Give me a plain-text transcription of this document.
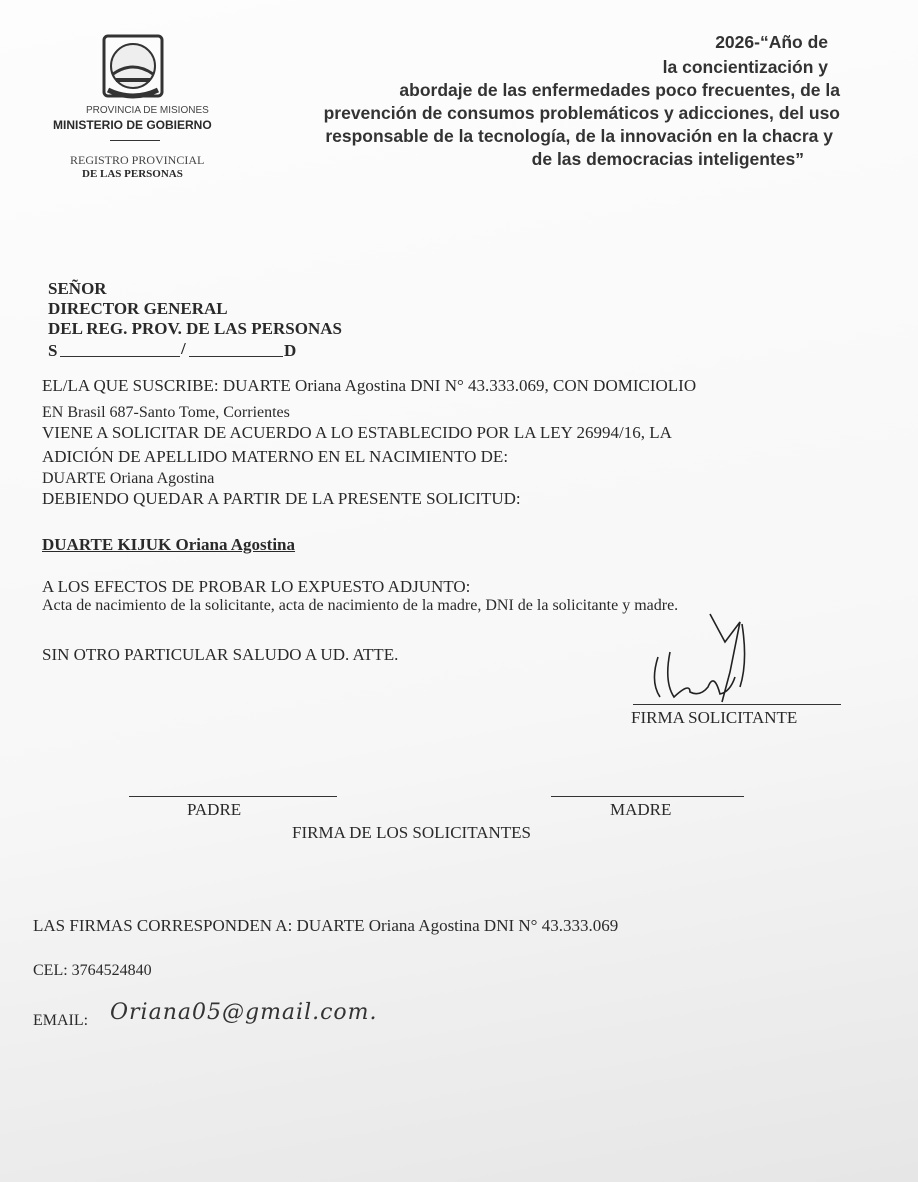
PROVINCIA DE MISIONES
MINISTERIO DE GOBIERNO
REGISTRO PROVINCIAL
DE LAS PERSONAS
2026-“Año de
la concientización y
abordaje de las enfermedades poco frecuentes, de la
prevención de consumos problemáticos y adicciones, del uso
responsable de la tecnología, de la innovación en la chacra y
de las democracias inteligentes”
SEÑOR
DIRECTOR GENERAL
DEL REG. PROV. DE LAS PERSONAS
S	/	D
EL/LA QUE SUSCRIBE: DUARTE Oriana Agostina DNI N° 43.333.069, CON DOMICIOLIO
EN Brasil 687-Santo Tome, Corrientes
VIENE A SOLICITAR DE ACUERDO A LO ESTABLECIDO POR LA LEY 26994/16, LA
ADICIÓN DE APELLIDO MATERNO EN EL NACIMIENTO DE:
DUARTE Oriana Agostina
DEBIENDO QUEDAR A PARTIR DE LA PRESENTE SOLICITUD:
DUARTE KIJUK Oriana Agostina
A LOS EFECTOS DE PROBAR LO EXPUESTO ADJUNTO:
Acta de nacimiento de la solicitante, acta de nacimiento de la madre, DNI de la solicitante y madre.
SIN OTRO PARTICULAR SALUDO A UD. ATTE.
FIRMA SOLICITANTE
PADRE	MADRE
FIRMA DE LOS SOLICITANTES
LAS FIRMAS CORRESPONDEN A: DUARTE Oriana Agostina DNI N° 43.333.069
CEL: 3764524840
EMAIL: Oriana05@gmail.com.
